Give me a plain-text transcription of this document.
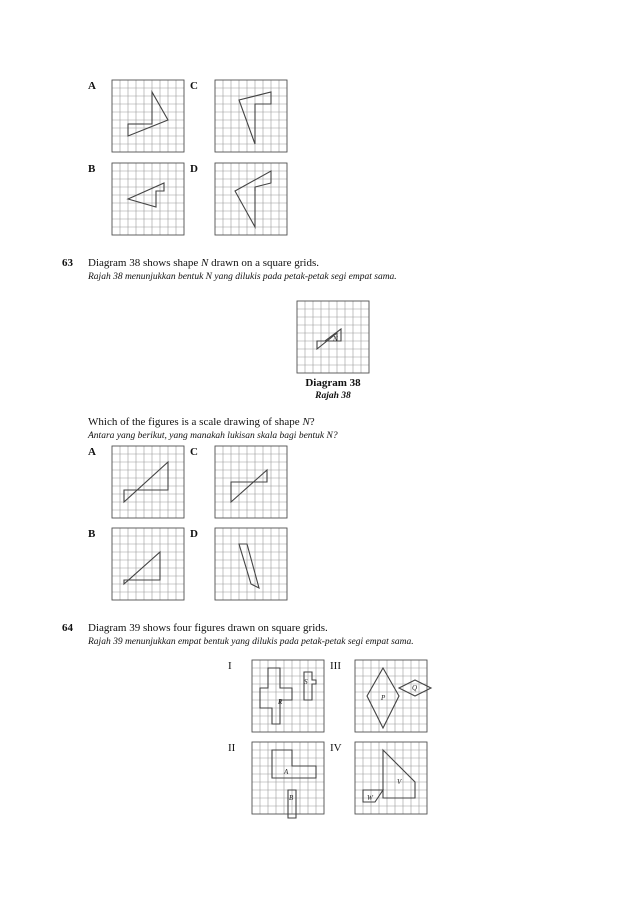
A	C
B	D
63 Diagram 38 shows shape N drawn on a square grids.
Rajah 38 menunjukkan bentuk N yang dilukis pada petak-petak segi empat sama.
N
Diagram 38
Rajah 38
Which of the figures is a scale drawing of shape N?
Antara yang berikut, yang manakah lukisan skala bagi bentuk N?
A	C
B	D
64 Diagram 39 shows four figures drawn on square grids.
Rajah 39 menunjukkan empat bentuk yang dilukis pada petak-petak segi empat sama.
I	III
II	IV
R
S
P
Q
A
B
V
W
